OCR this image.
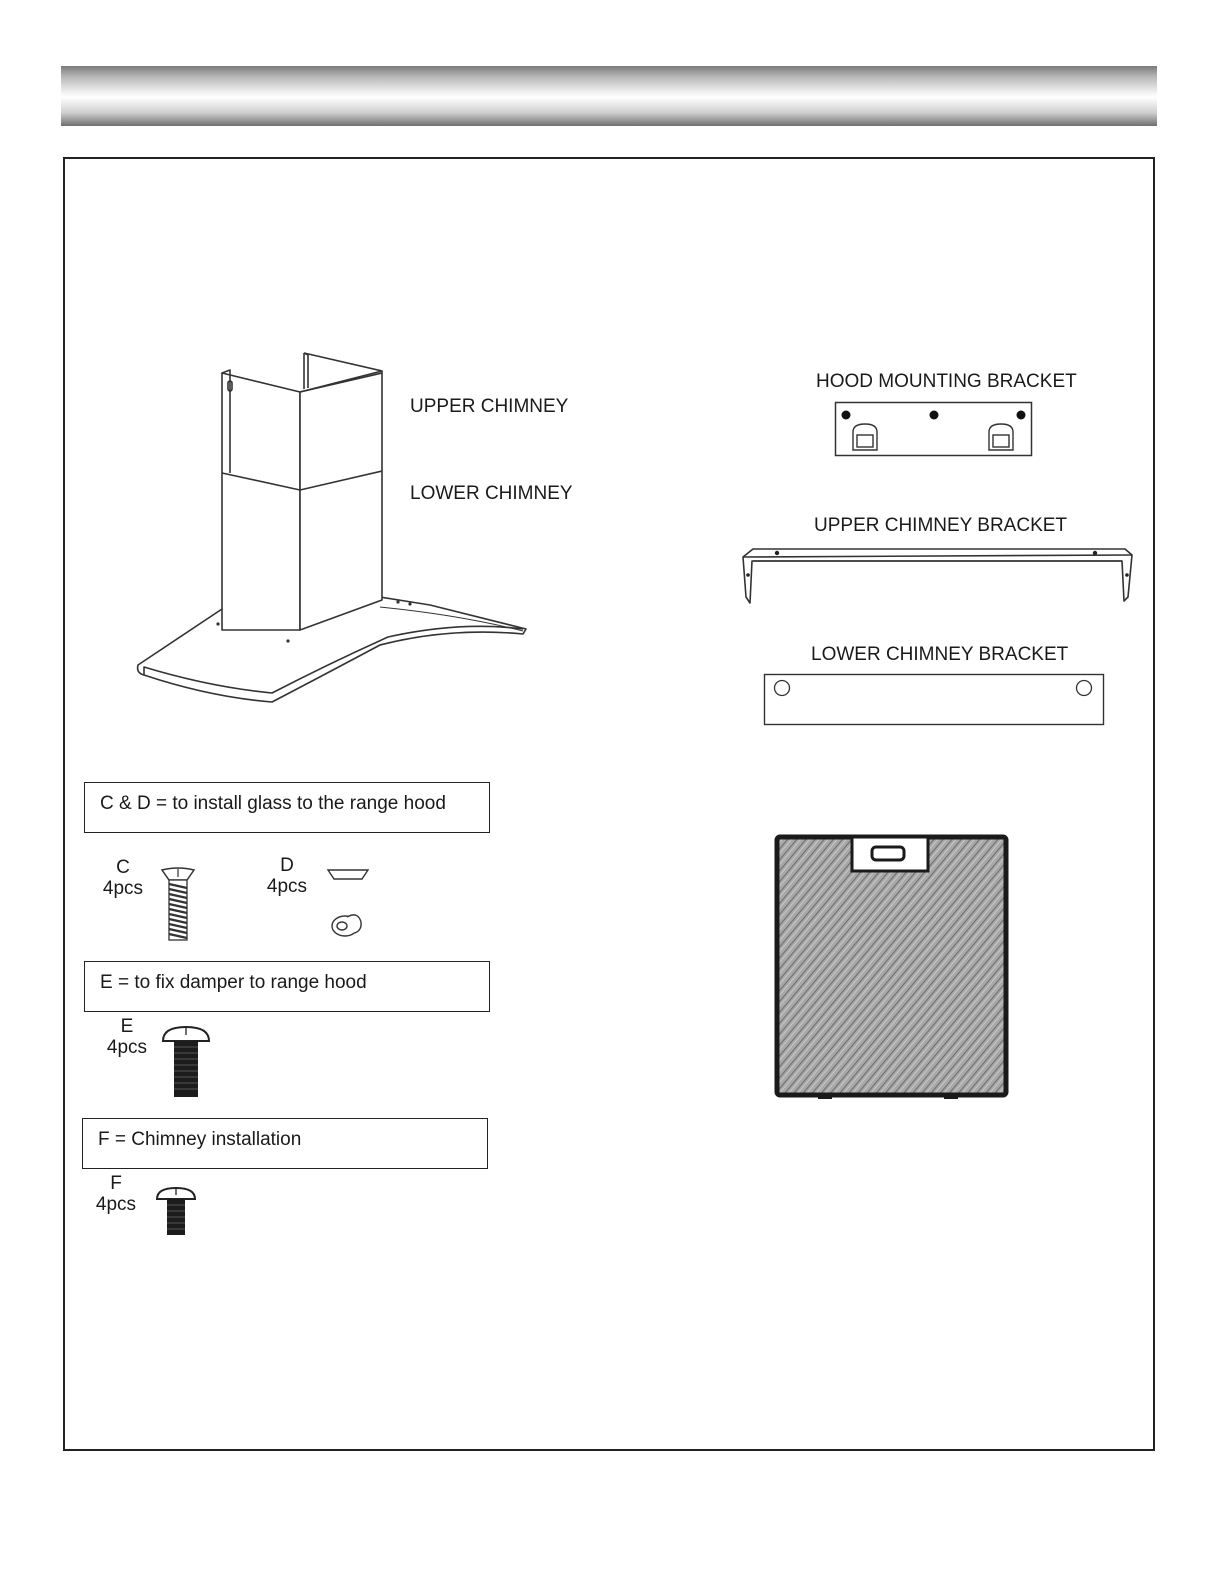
UPPER CHIMNEY
LOWER CHIMNEY
HOOD MOUNTING BRACKET
UPPER CHIMNEY BRACKET
LOWER CHIMNEY BRACKET
C & D = to install glass to the range hood
C
4pcs
D
4pcs
E = to fix damper to range hood
E
4pcs
F = Chimney installation
F
4pcs
